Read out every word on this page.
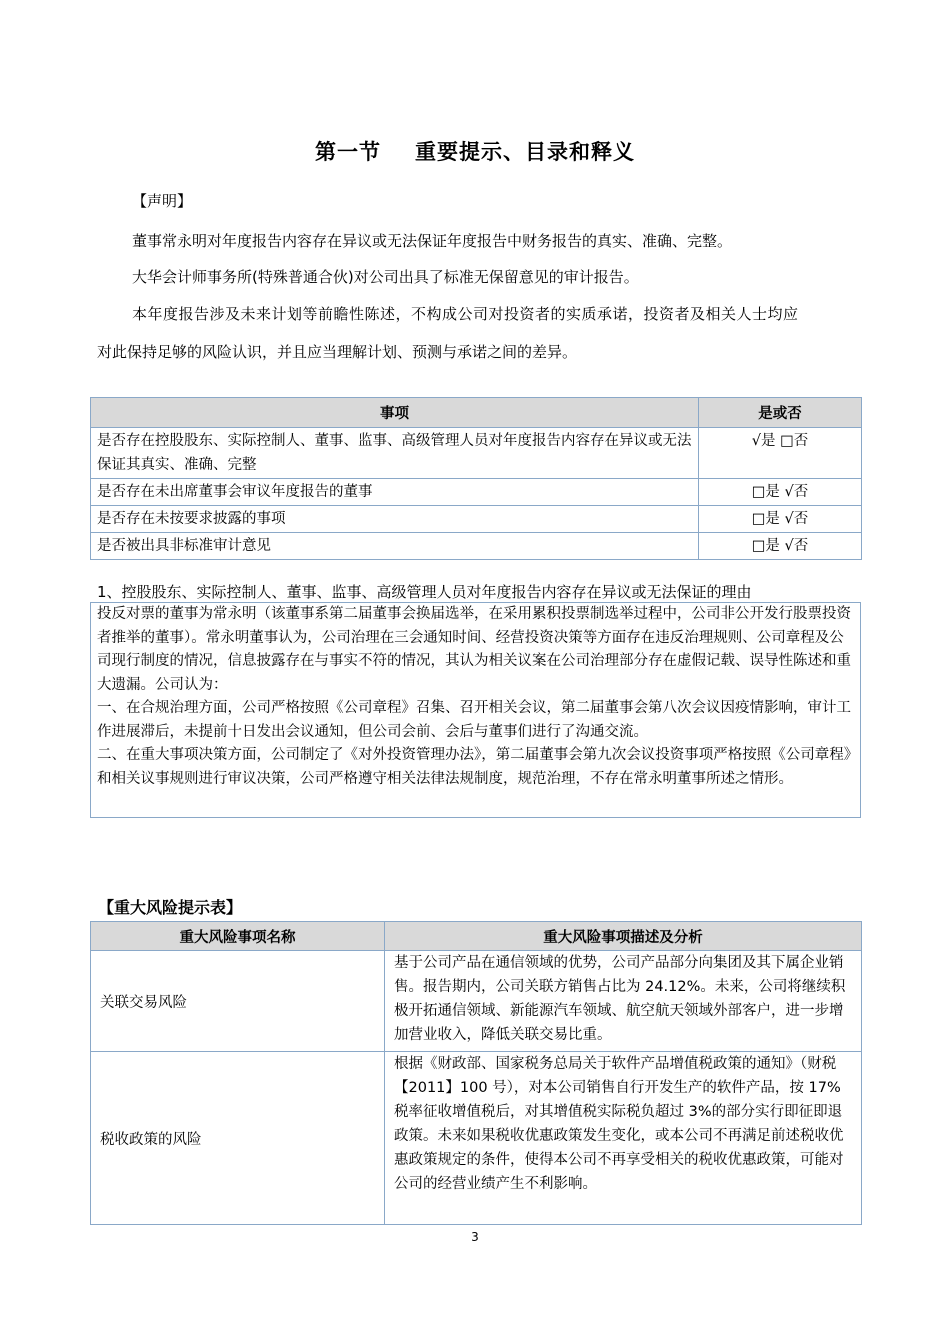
第一节 重要提示、目录和释义
【声明】
董事常永明对年度报告内容存在异议或无法保证年度报告中财务报告的真实、准确、完整。
大华会计师事务所(特殊普通合伙)对公司出具了标准无保留意见的审计报告。
本年度报告涉及未来计划等前瞻性陈述，不构成公司对投资者的实质承诺，投资者及相关人士均应
对此保持足够的风险认识，并且应当理解计划、预测与承诺之间的差异。
事项	是或否
是否存在控股股东、实际控制人、董事、监事、高级管理人员对年度报告内容存在异议或无法保证其真实、准确、完整	√是 □否
是否存在未出席董事会审议年度报告的董事	□是 √否
是否存在未按要求披露的事项	□是 √否
是否被出具非标准审计意见	□是 √否
1、控股股东、实际控制人、董事、监事、高级管理人员对年度报告内容存在异议或无法保证的理由

投反对票的董事为常永明（该董事系第二届董事会换届选举，在采用累积投票制选举过程中，公司非公开发行股票投资者推举的董事）。常永明董事认为，公司治理在三会通知时间、经营投资决策等方面存在违反治理规则、公司章程及公司现行制度的情况，信息披露存在与事实不符的情况，其认为相关议案在公司治理部分存在虚假记载、误导性陈述和重大遗漏。公司认为：

一、在合规治理方面，公司严格按照《公司章程》召集、召开相关会议，第二届董事会第八次会议因疫情影响，审计工作进展滞后，未提前十日发出会议通知，但公司会前、会后与董事们进行了沟通交流。

二、在重大事项决策方面，公司制定了《对外投资管理办法》，第二届董事会第九次会议投资事项严格按照《公司章程》和相关议事规则进行审议决策，公司严格遵守相关法律法规制度，规范治理，不存在常永明董事所述之情形。

【重大风险提示表】
重大风险事项名称	重大风险事项描述及分析
关联交易风险	基于公司产品在通信领域的优势，公司产品部分向集团及其下属企业销售。报告期内，公司关联方销售占比为 24.12%。未来，公司将继续积极开拓通信领域、新能源汽车领域、航空航天领域外部客户，进一步增加营业收入，降低关联交易比重。
税收政策的风险	根据《财政部、国家税务总局关于软件产品增值税政策的通知》（财税【2011】100 号），对本公司销售自行开发生产的软件产品，按 17%税率征收增值税后，对其增值税实际税负超过 3%的部分实行即征即退政策。未来如果税收优惠政策发生变化，或本公司不再满足前述税收优惠政策规定的条件，使得本公司不再享受相关的税收优惠政策，可能对公司的经营业绩产生不利影响。
3
